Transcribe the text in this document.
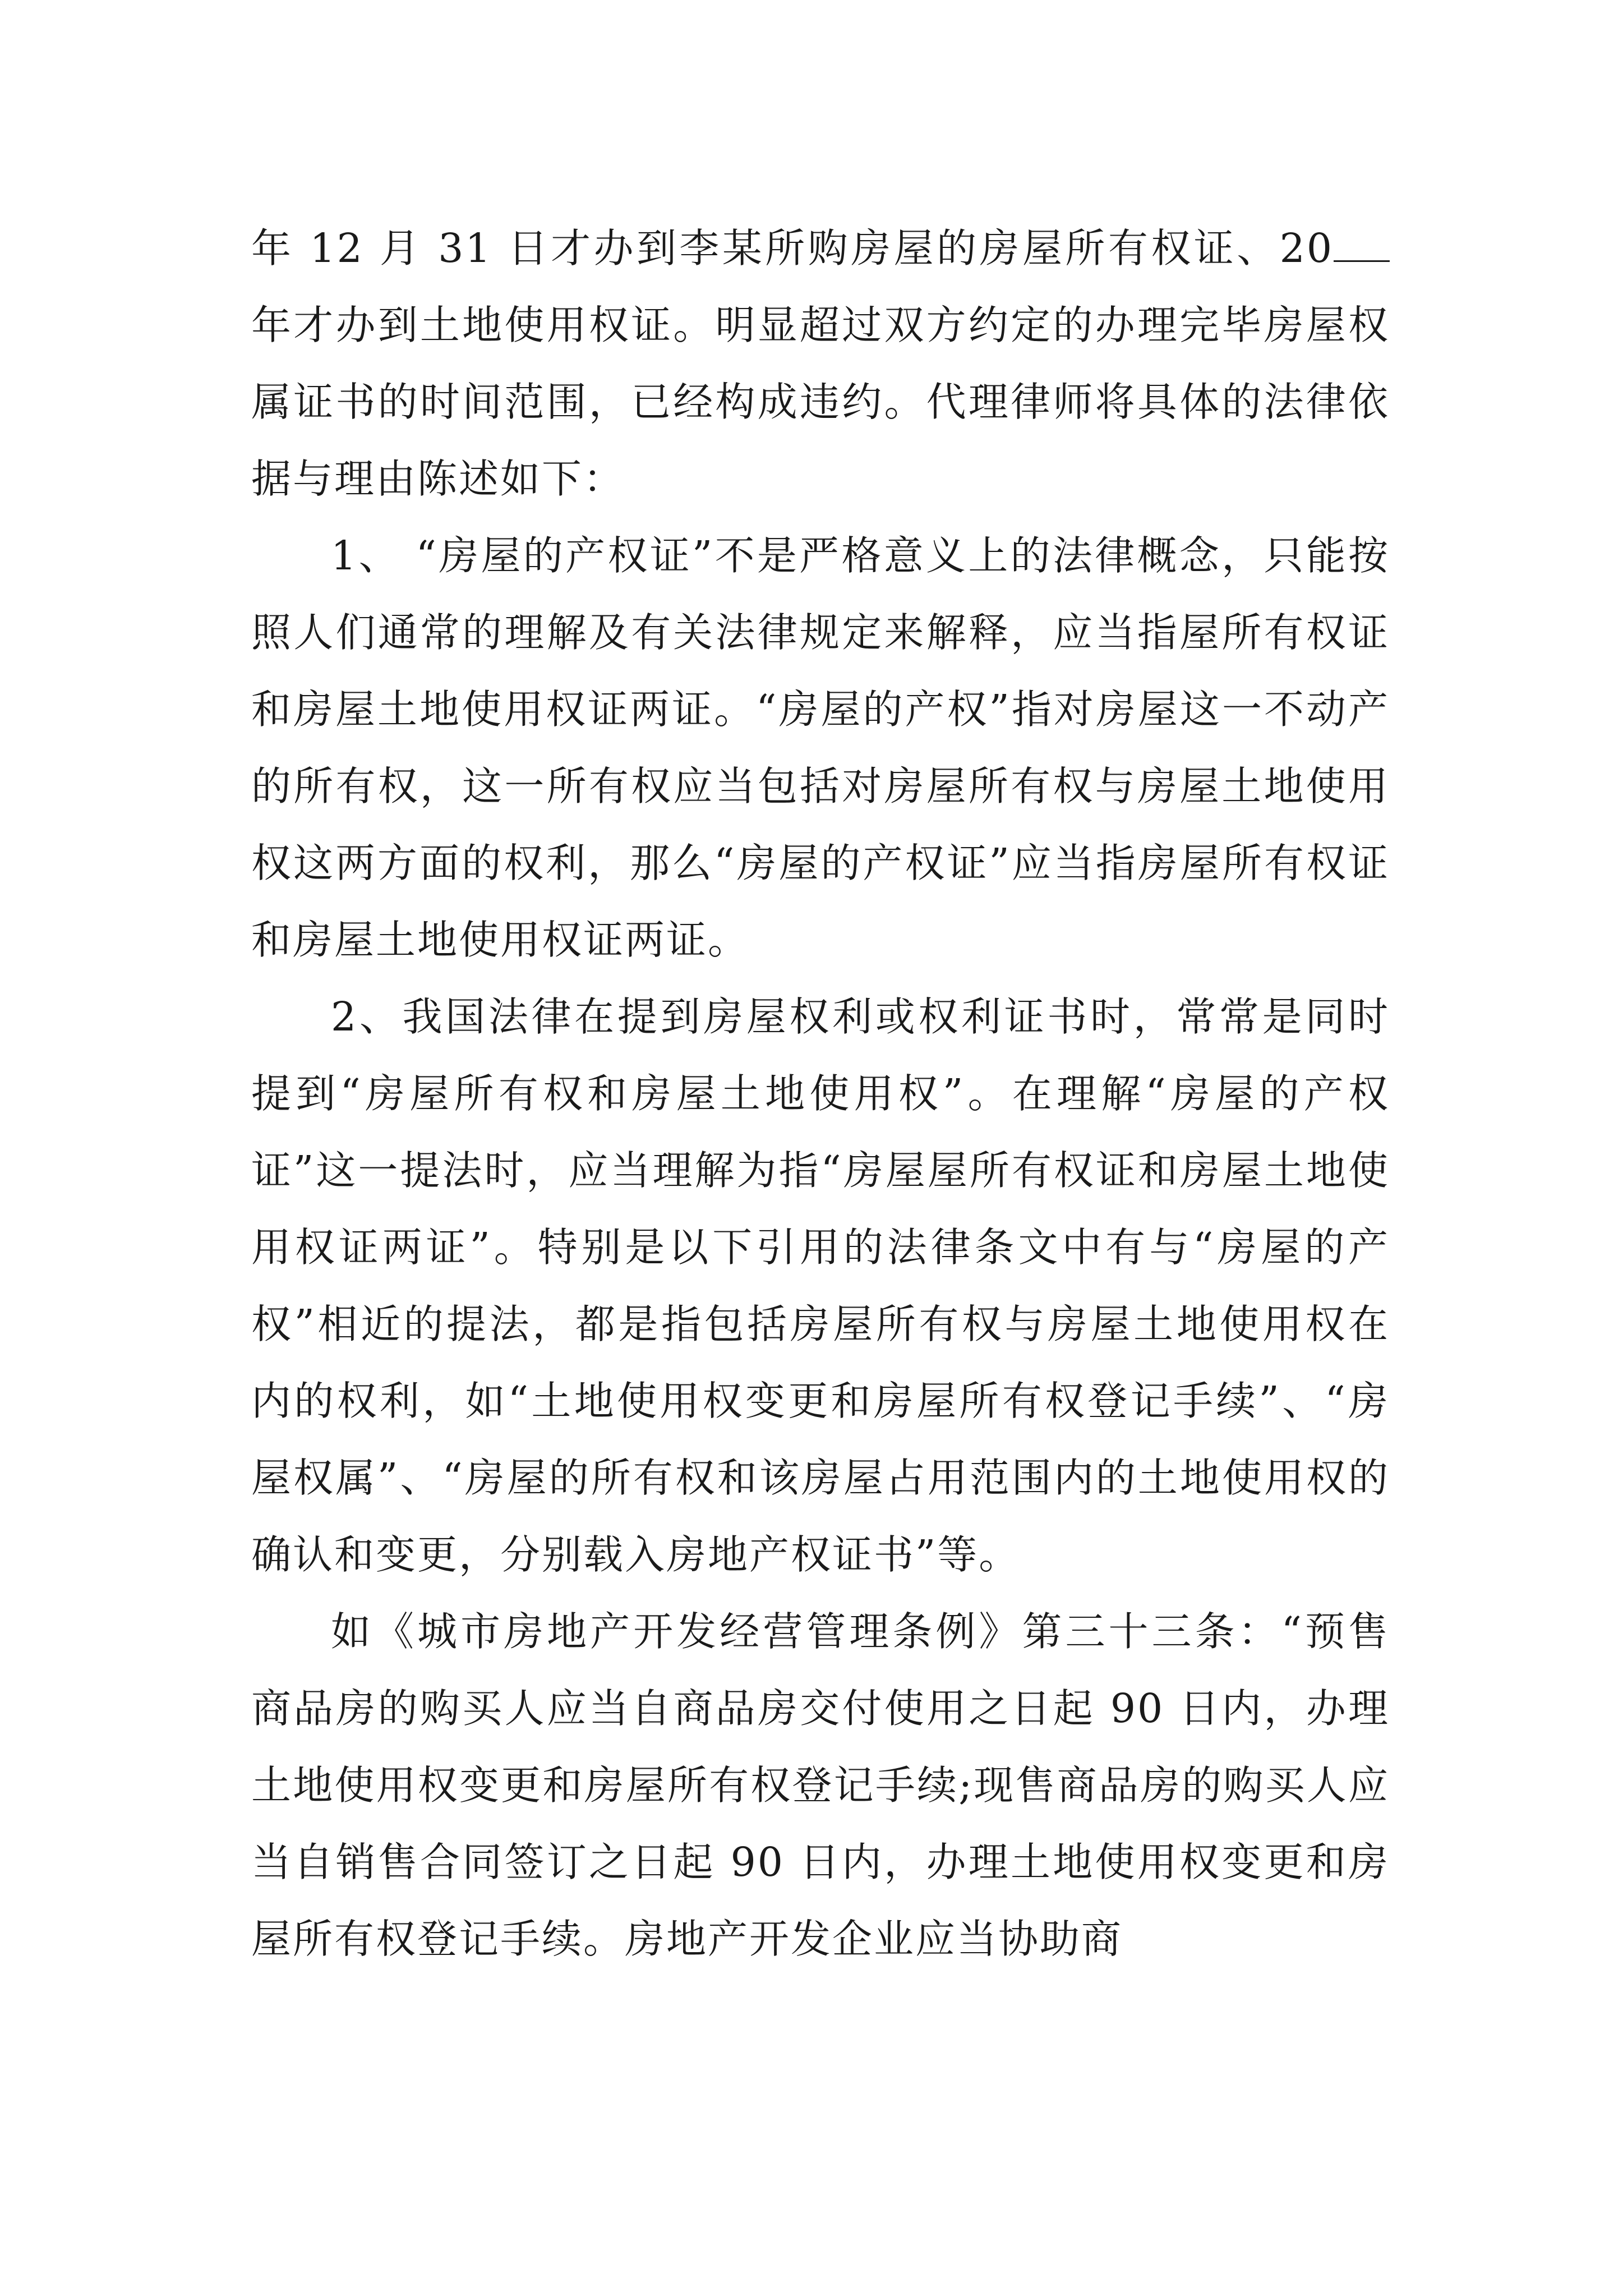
年 12 月 31 日才办到李某所购房屋的房屋所有权证、20年才办到土地使用权证。明显超过双方约定的办理完毕房屋权属证书的时间范围，已经构成违约。代理律师将具体的法律依据与理由陈述如下：

1、 “房屋的产权证”不是严格意义上的法律概念，只能按照人们通常的理解及有关法律规定来解释，应当指屋所有权证和房屋土地使用权证两证。“房屋的产权”指对房屋这一不动产的所有权，这一所有权应当包括对房屋所有权与房屋土地使用权这两方面的权利，那么“房屋的产权证”应当指房屋所有权证和房屋土地使用权证两证。

2、我国法律在提到房屋权利或权利证书时，常常是同时提到“房屋所有权和房屋土地使用权”。在理解“房屋的产权证”这一提法时，应当理解为指“房屋屋所有权证和房屋土地使用权证两证”。特别是以下引用的法律条文中有与“房屋的产权”相近的提法，都是指包括房屋所有权与房屋土地使用权在内的权利，如“土地使用权变更和房屋所有权登记手续”、“房屋权属”、“房屋的所有权和该房屋占用范围内的土地使用权的确认和变更，分别载入房地产权证书”等。

如《城市房地产开发经营管理条例》第三十三条：“预售商品房的购买人应当自商品房交付使用之日起 90 日内，办理土地使用权变更和房屋所有权登记手续;现售商品房的购买人应当自销售合同签订之日起 90 日内，办理土地使用权变更和房屋所有权登记手续。房地产开发企业应当协助商
